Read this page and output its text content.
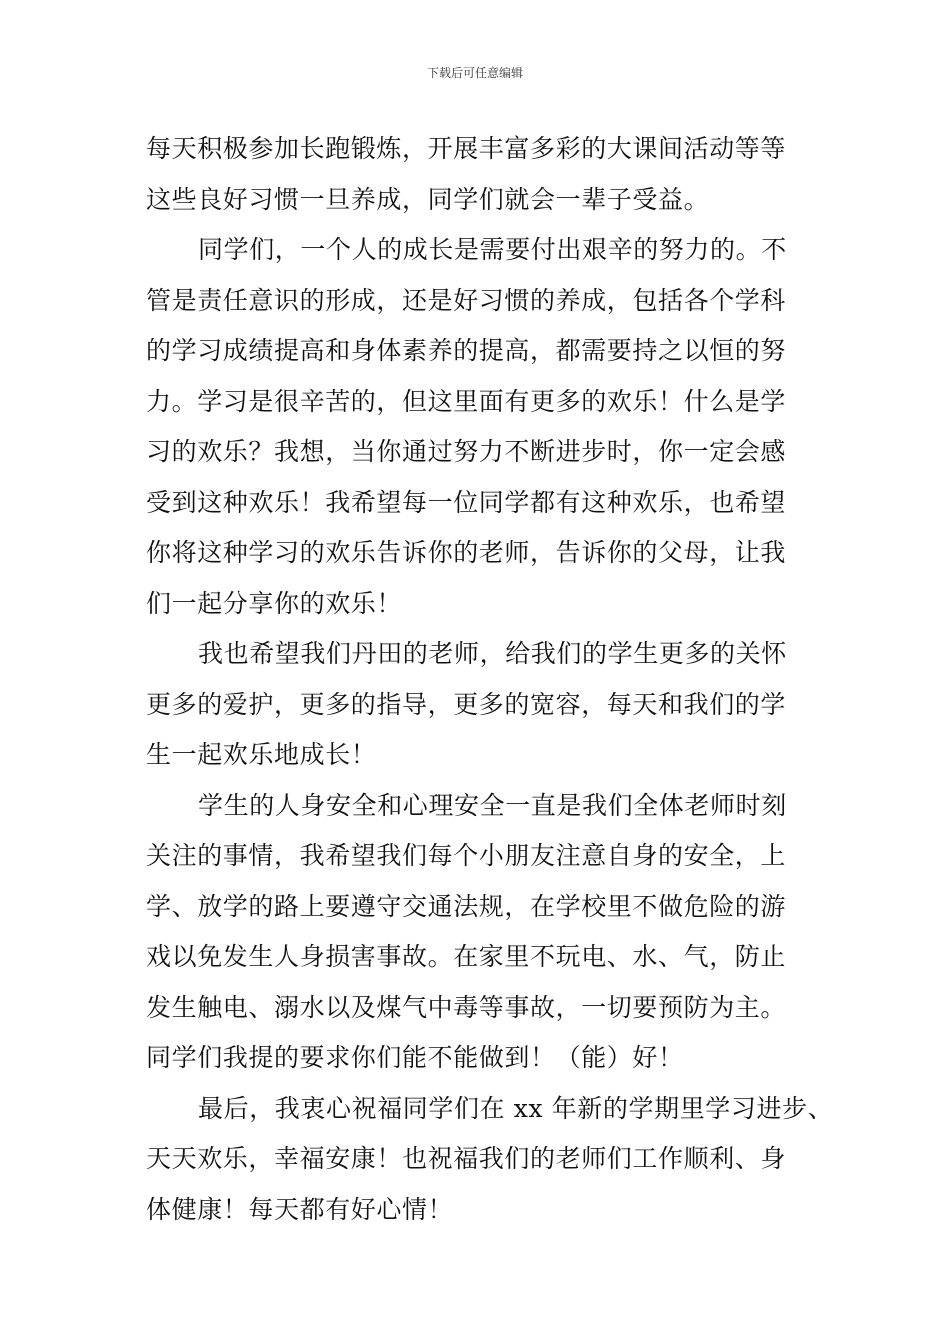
下载后可任意编辑
每天积极参加长跑锻炼，开展丰富多彩的大课间活动等等
这些良好习惯一旦养成，同学们就会一辈子受益。
同学们，一个人的成长是需要付出艰辛的努力的。不
管是责任意识的形成，还是好习惯的养成，包括各个学科
的学习成绩提高和身体素养的提高，都需要持之以恒的努
力。学习是很辛苦的，但这里面有更多的欢乐！什么是学
习的欢乐？我想，当你通过努力不断进步时，你一定会感
受到这种欢乐！我希望每一位同学都有这种欢乐，也希望
你将这种学习的欢乐告诉你的老师，告诉你的父母，让我
们一起分享你的欢乐！
我也希望我们丹田的老师，给我们的学生更多的关怀
更多的爱护，更多的指导，更多的宽容，每天和我们的学
生一起欢乐地成长！
学生的人身安全和心理安全一直是我们全体老师时刻
关注的事情，我希望我们每个小朋友注意自身的安全，上
学、放学的路上要遵守交通法规，在学校里不做危险的游
戏以免发生人身损害事故。在家里不玩电、水、气，防止
发生触电、溺水以及煤气中毒等事故，一切要预防为主。
同学们我提的要求你们能不能做到！（能）好！
最后，我衷心祝福同学们在 xx 年新的学期里学习进步、
天天欢乐，幸福安康！也祝福我们的老师们工作顺利、身
体健康！每天都有好心情！
